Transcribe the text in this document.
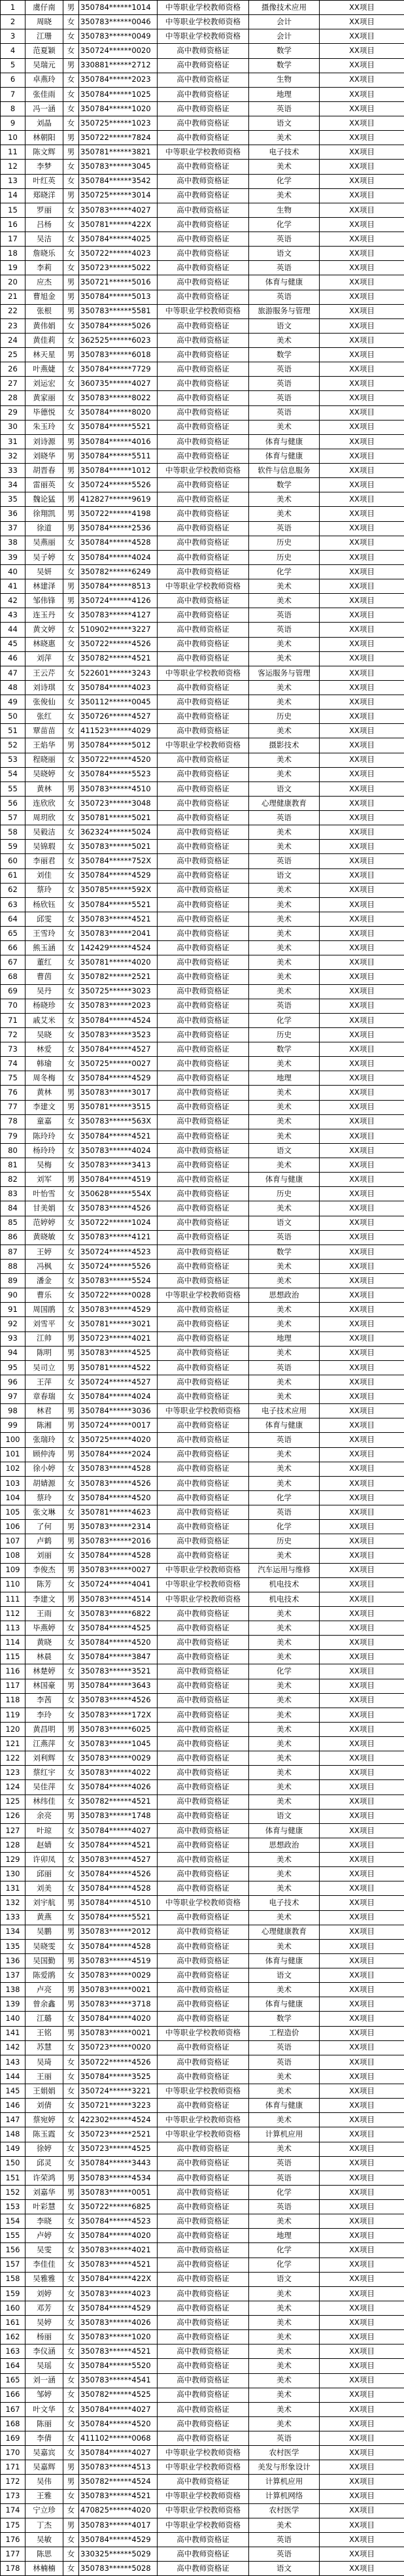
1	虞仔南	男	350784******1014	中等职业学校教师资格	摄像技术应用	XX项目
2	周晓	女	350783******0046	中等职业学校教师资格	会计	XX项目
3	江珊	女	350783******0049	中等职业学校教师资格	会计	XX项目
4	范夏颖	女	350724******0020	高中教师资格证	数学	XX项目
5	吴瑞元	男	330881******2712	高中教师资格证	数学	XX项目
6	卓燕玲	女	350784******2023	高中教师资格证	生物	XX项目
7	张佳雨	女	350784******1025	高中教师资格证	地理	XX项目
8	冯一涵	女	350784******1020	高中教师资格证	英语	XX项目
9	刘晶	女	350725******1023	高中教师资格证	语文	XX项目
10	林朝阳	男	350722******7824	高中教师资格证	美术	XX项目
11	陈文辉	男	350781******3821	中等职业学校教师资格	电子技术	XX项目
12	李梦	女	350783******3045	高中教师资格证	美术	XX项目
13	叶红英	女	350784******3542	高中教师资格证	化学	XX项目
14	郑晓洋	男	350725******3014	高中教师资格证	美术	XX项目
15	罗丽	女	350783******4027	高中教师资格证	生物	XX项目
16	吕杨	女	350781******422X	高中教师资格证	化学	XX项目
17	吴洁	女	350784******4025	高中教师资格证	英语	XX项目
18	詹晓乐	女	350722******4023	高中教师资格证	语文	XX项目
19	李莉	女	350723******5022	高中教师资格证	英语	XX项目
20	应杰	男	350721******5016	高中教师资格证	体育与健康	XX项目
21	曹旭金	男	350784******5013	高中教师资格证	英语	XX项目
22	张根	男	350783******5581	中等职业学校教师资格	旅游服务与管理	XX项目
23	黄伟娟	女	350784******5026	高中教师资格证	语文	XX项目
24	黄佳莉	女	362525******6023	高中教师资格证	美术	XX项目
25	林天星	男	350783******6018	高中教师资格证	数学	XX项目
26	叶燕婕	女	350784******7729	高中教师资格证	英语	XX项目
27	刘运宏	女	360735******4027	高中教师资格证	英语	XX项目
28	黄家丽	女	350783******8022	高中教师资格证	英语	XX项目
29	毕德悦	女	350784******8020	高中教师资格证	英语	XX项目
30	朱玉玲	女	350784******5521	高中教师资格证	美术	XX项目
31	刘诗源	男	350784******4016	高中教师资格证	体育与健康	XX项目
32	刘晓华	男	350784******5511	高中教师资格证	体育与健康	XX项目
33	胡晋春	男	350784******1012	中等职业学校教师资格	软件与信息服务	XX项目
34	雷丽英	女	350724******5526	高中教师资格证	数学	XX项目
35	魏论猛	男	412827******9619	高中教师资格证	美术	XX项目
36	徐翔凯	男	350722******4198	高中教师资格证	美术	XX项目
37	徐道	男	350784******2536	高中教师资格证	英语	XX项目
38	吴燕丽	女	350784******4528	高中教师资格证	历史	XX项目
39	吴子婷	女	350784******4024	高中教师资格证	历史	XX项目
40	吴妍	女	350782******6249	高中教师资格证	化学	XX项目
41	林建泽	男	350784******8513	中等职业学校教师资格	美术	XX项目
42	邹伟锋	男	350724******4126	高中教师资格证	美术	XX项目
43	连玉丹	女	350783******4127	高中教师资格证	英语	XX项目
44	黄文婷	女	510902******3227	高中教师资格证	英语	XX项目
45	林晓惠	女	350722******4526	高中教师资格证	美术	XX项目
46	刘萍	女	350782******4521	高中教师资格证	美术	XX项目
47	王云芹	女	522601******3243	中等职业学校教师资格	客运服务与管理	XX项目
48	刘诗琪	女	350784******4023	高中教师资格证	美术	XX项目
49	张俊仙	女	350112******0045	高中教师资格证	美术	XX项目
50	张红	女	350726******4527	高中教师资格证	历史	XX项目
51	覃苗苗	女	411523******4029	高中教师资格证	美术	XX项目
52	王焰华	男	350784******5012	中等职业学校教师资格	摄影技术	XX项目
53	程晓丽	女	350722******4520	高中教师资格证	美术	XX项目
54	吴晓婷	女	350784******5523	高中教师资格证	美术	XX项目
55	黄林	男	350783******4510	高中教师资格证	语文	XX项目
56	连欣欣	女	350723******3048	高中教师资格证	心理健康教育	XX项目
57	周玥欣	女	350781******5021	高中教师资格证	英语	XX项目
58	吴毅洁	女	362324******5024	高中教师资格证	美术	XX项目
59	吴锦瑕	女	350783******5021	高中教师资格证	美术	XX项目
60	李丽君	女	350784******752X	高中教师资格证	英语	XX项目
61	刘佳	女	350784******4529	高中教师资格证	语文	XX项目
62	蔡玲	女	350785******592X	高中教师资格证	美术	XX项目
63	杨欣钰	女	350784******5521	高中教师资格证	美术	XX项目
64	邱雯	女	350783******4521	高中教师资格证	美术	XX项目
65	王雪玲	女	350783******2041	高中教师资格证	美术	XX项目
66	熊玉涵	女	142429******4524	高中教师资格证	美术	XX项目
67	董红	女	350781******4020	高中教师资格证	美术	XX项目
68	曹茵	女	350782******2521	高中教师资格证	美术	XX项目
69	吴丹	女	350725******3023	高中教师资格证	美术	XX项目
70	杨晓珍	女	350783******2023	高中教师资格证	英语	XX项目
71	戚艾米	女	350784******4524	高中教师资格证	化学	XX项目
72	吴晓	女	350783******3523	高中教师资格证	历史	XX项目
73	林爱	女	350784******4527	高中教师资格证	数学	XX项目
74	韩瑜	女	350725******0027	高中教师资格证	美术	XX项目
75	周冬梅	女	350784******4529	高中教师资格证	地理	XX项目
76	黄林	男	350783******3017	高中教师资格证	美术	XX项目
77	李建文	男	350781******3515	高中教师资格证	美术	XX项目
78	童嘉	女	350783******563X	高中教师资格证	美术	XX项目
79	陈玲玲	女	350784******4521	高中教师资格证	美术	XX项目
80	杨玲玲	女	350783******4024	高中教师资格证	语文	XX项目
81	吴梅	女	350783******3413	高中教师资格证	美术	XX项目
82	刘军	男	350784******4519	高中教师资格证	体育与健康	XX项目
83	叶怡雪	女	350628******554X	高中教师资格证	历史	XX项目
84	甘美娟	女	350783******4526	高中教师资格证	美术	XX项目
85	范婷婷	女	350722******1024	高中教师资格证	语文	XX项目
86	黄晓敏	女	350783******4121	高中教师资格证	英语	XX项目
87	王婷	女	350724******4523	高中教师资格证	数学	XX项目
88	冯枫	女	350724******5526	高中教师资格证	美术	XX项目
89	潘金	女	350783******5524	高中教师资格证	美术	XX项目
90	曹乐	女	350722******0028	中等职业学校教师资格	思想政治	XX项目
91	周国鹃	女	350783******4529	高中教师资格证	美术	XX项目
92	刘雪平	女	350781******3021	高中教师资格证	美术	XX项目
93	江帅	男	350723******4021	高中教师资格证	地理	XX项目
94	陈明	男	350783******4525	高中教师资格证	美术	XX项目
95	吴司立	男	350781******4522	高中教师资格证	英语	XX项目
96	王萍	女	350724******4527	高中教师资格证	美术	XX项目
97	章春瑞	女	350784******4024	高中教师资格证	美术	XX项目
98	林君	男	350784******3036	中等职业学校教师资格	电子技术应用	XX项目
99	陈湘	男	350724******0017	高中教师资格证	体育与健康	XX项目
100	张瑞玲	女	350725******4020	高中教师资格证	英语	XX项目
101	顾仲涛	男	350784******2024	高中教师资格证	美术	XX项目
102	徐小婷	女	350783******4528	高中教师资格证	美术	XX项目
103	胡婧源	女	350783******4526	高中教师资格证	美术	XX项目
104	蔡玲	女	350784******4520	高中教师资格证	化学	XX项目
105	张文琳	女	350781******4623	高中教师资格证	英语	XX项目
106	了何	男	350783******2314	高中教师资格证	化学	XX项目
107	卢鹤	男	350783******2016	高中教师资格证	历史	XX项目
108	刘丽	女	350784******4528	高中教师资格证	美术	XX项目
109	李俊杰	男	350783******0027	中等职业学校教师资格	汽车运用与维修	XX项目
110	陈芳	女	350724******4041	中等职业学校教师资格	机电技术	XX项目
111	李建文	男	350783******4514	中等职业学校教师资格	机电技术	XX项目
112	王雨	女	350783******6822	高中教师资格证	美术	XX项目
113	毕燕婷	女	350784******4525	高中教师资格证	美术	XX项目
114	黄晓	女	350784******4520	高中教师资格证	美术	XX项目
115	林晨	女	350784******3847	高中教师资格证	美术	XX项目
116	林楚婷	女	350783******3521	高中教师资格证	化学	XX项目
117	林国豪	男	350784******3643	高中教师资格证	美术	XX项目
118	李茜	女	350783******4526	高中教师资格证	美术	XX项目
119	李玲	女	350783******172X	高中教师资格证	美术	XX项目
120	黄昌明	男	350783******6025	高中教师资格证	美术	XX项目
121	江燕萍	女	350783******1045	高中教师资格证	美术	XX项目
122	刘利辉	女	350783******0029	高中教师资格证	美术	XX项目
123	蔡红宇	女	350783******4022	高中教师资格证	美术	XX项目
124	吴佳萍	女	350784******4026	高中教师资格证	美术	XX项目
125	林纬佳	女	350782******4521	高中教师资格证	美术	XX项目
126	余亮	男	350783******1748	高中教师资格证	语文	XX项目
127	叶琼	女	350784******4027	高中教师资格证	体育与健康	XX项目
128	赵婧	女	350784******4521	高中教师资格证	思想政治	XX项目
129	许卯凤	女	350783******4527	高中教师资格证	美术	XX项目
130	邱丽	女	350784******4526	高中教师资格证	美术	XX项目
131	刘美	女	350784******4528	高中教师资格证	美术	XX项目
132	刘宇航	男	350784******4510	中等职业学校教师资格	电子技术	XX项目
133	黄燕	女	350784******5521	高中教师资格证	美术	XX项目
134	吴鹏	男	350783******2012	高中教师资格证	心理健康教育	XX项目
135	吴晓雯	女	350784******4528	高中教师资格证	美术	XX项目
136	吴国勤	男	350783******4519	高中教师资格证	体育与健康	XX项目
137	陈爱鹃	女	350783******0029	高中教师资格证	语文	XX项目
138	卢亮	男	350783******0021	高中教师资格证	美术	XX项目
139	曾余鑫	男	350783******3718	高中教师资格证	体育与健康	XX项目
140	江璐	女	350784******4020	高中教师资格证	数学	XX项目
141	王铭	男	350783******0021	中等职业学校教师资格	工程造价	XX项目
142	苏慧	女	350723******0020	高中教师资格证	英语	XX项目
143	吴琦	女	350722******4526	高中教师资格证	英语	XX项目
144	王丽	女	350784******3525	高中教师资格证	美术	XX项目
145	王娟娟	女	350724******3221	中等职业学校教师资格	美术	XX项目
146	刘倩	女	350721******3223	高中教师资格证	体育与健康	XX项目
147	蔡宛婷	女	422302******4524	中等职业学校教师资格	美术	XX项目
148	陈玉霞	女	350723******2521	中等职业学校教师资格	计算机应用	XX项目
149	徐婷	女	350723******4525	高中教师资格证	美术	XX项目
150	邱灵	女	350784******3443	高中教师资格证	英语	XX项目
151	许荣鸿	男	350783******4534	高中教师资格证	英语	XX项目
152	刘嘉华	男	350783******0051	高中教师资格证	化学	XX项目
153	叶彩慧	女	350722******6825	高中教师资格证	英语	XX项目
154	李晓	女	350784******4523	高中教师资格证	美术	XX项目
155	卢婷	女	350784******4020	高中教师资格证	地理	XX项目
156	吴雯	女	350783******4021	高中教师资格证	化学	XX项目
157	李佳佳	女	350783******4521	高中教师资格证	化学	XX项目
158	吴雅雅	女	350784******422X	高中教师资格证	语文	XX项目
159	刘婷	女	350783******4023	高中教师资格证	美术	XX项目
160	邓芳	女	350784******4529	高中教师资格证	美术	XX项目
161	吴婷	女	350783******4026	高中教师资格证	美术	XX项目
162	杨丽	女	350783******1020	高中教师资格证	美术	XX项目
163	李仪涵	女	350783******4521	高中教师资格证	美术	XX项目
164	吴瑶	女	350784******5520	高中教师资格证	美术	XX项目
165	刘一涵	女	350783******4541	高中教师资格证	美术	XX项目
166	邹婷	女	350782******4525	高中教师资格证	美术	XX项目
167	叶文华	女	350784******4027	高中教师资格证	美术	XX项目
168	陈丽	女	350784******4520	高中教师资格证	美术	XX项目
169	李倩	女	411102******0068	高中教师资格证	英语	XX项目
170	吴嘉宾	女	350784******4027	中等职业学校教师资格	农村医学	XX项目
171	吴嘉辉	男	350783******4513	中等职业学校教师资格	美发与形象设计	XX项目
172	吴伟	男	350782******4524	高中教师资格证	计算机应用	XX项目
173	王雅	女	350783******4521	中等职业学校教师资格	计算机网络	XX项目
174	宁立珍	女	470825******4020	中等职业学校教师资格	农村医学	XX项目
175	丁杰	男	350783******4017	中等职业学校教师资格	美术	XX项目
176	吴敏	女	350784******4529	高中教师资格证	英语	XX项目
177	陈思	女	330325******5029	高中教师资格证	英语	XX项目
178	林楠楠	女	350783******5028	高中教师资格证	语文	XX项目
